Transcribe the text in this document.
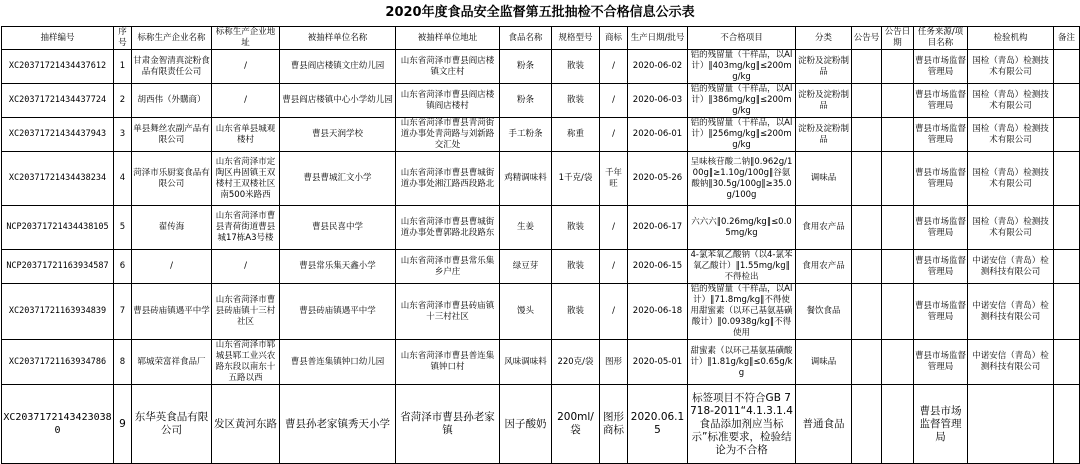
2020年度食品安全监督第五批抽检不合格信息公示表
抽样编号	序号	标称生产企业名称	标称生产企业地址	被抽样单位名称	被抽样单位地址	食品名称	规格型号	商标	生产日期/批号	不合格项目	分类	公告号	公告日期	任务来源/项目名称	检验机构	备注
XC20371721434437612	1	甘肃金智清真淀粉食品有限责任公司	/	曹县阎店楼镇文庄幼儿园	山东省菏泽市曹县阎店楼镇文庄村	粉条	散装	/	2020-06-02	铝的残留量（干样品，以Al计）‖403mg/kg‖≤200mg/kg	淀粉及淀粉制品			曹县市场监督管理局	国检（青岛）检测技术有限公司	
XC20371721434437724	2	胡西伟（外購商）	/	曹县阎店楼镇中心小学幼儿园	山东省菏泽市曹县阎店楼镇阎店楼村	粉条	散装	/	2020-06-03	铝的残留量（干样品，以Al计）‖386mg/kg‖≤200mg/kg	淀粉及淀粉制品			曹县市场监督管理局	国检（青岛）检测技术有限公司	
XC20371721434437943	3	单县舞丝农副产品有限公司	山东省单县城观楼村	曹县天润学校	山东省菏泽市曹县青菏街道办事处青菏路与刘新路交汇处	手工粉条	称重	/	2020-06-01	铝的残留量（干样品，以Al计）‖256mg/kg‖≤200mg/kg	淀粉及淀粉制品			曹县市场监督管理局	国检（青岛）检测技术有限公司	
XC20371721434438234	4	菏泽市乐厨宴食品有限公司	山东省菏泽市定陶区冉固镇王双楼村王双楼社区南500米路西	曹县曹城汇文小学	山东省菏泽市曹县曹城街道办事处湘江路西段路北	鸡精调味料	1千克/袋	千年旺	2020-05-26	呈味核苷酸二钠‖0.962g/100g‖≥1.10g/100g‖谷氨酸钠‖30.5g/100g‖≥35.0g/100g	调味品			曹县市场监督管理局	国检（青岛）检测技术有限公司	
NCP20371721434438105	5	翟传海	山东省菏泽市曹县青荷街道曹县城17栋A3号楼	曹县民喜中学	山东省菏泽市曹县曹城街道办事处曹郭路北段路东	生姜	散装	/	2020-06-17	六六六‖0.26mg/kg‖≤0.05mg/kg	食用农产品			曹县市场监督管理局	国检（青岛）检测技术有限公司	
NCP20371721163934587	6	/	/	曹县常乐集天鑫小学	山东省菏泽市曹县常乐集乡户庄	绿豆芽	散装	/	2020-06-15	4-氯苯氧乙酸钠（以4-氯苯氧乙酸计）‖1.55mg/kg‖不得检出	食用农产品			曹县市场监督管理局	中诺安信（青岛）检测科技有限公司	
XC20371721163934839	7	曹县砖庙镇遇平中学	山东省菏泽市曹县砖庙镇十三村社区	曹县砖庙镇遇平中学	山东省菏泽市曹县砖庙镇十三村社区	馒头	散装	/	2020-06-18	铝的残留量（干样品，以Al计）‖71.8mg/kg‖不得使用甜蜜素（以环己基氨基磺酸计）‖0.0938g/kg‖不得使用	餐饮食品			曹县市场监督管理局	中诺安信（青岛）检测科技有限公司	
XC20371721163934786	8	郓城荣富祥食品厂	山东省菏泽市郓城县郓工业兴农路东段以南东十五路以西	曹县普连集镇钟口幼儿园	山东省菏泽市曹县普连集镇钟口村	风味调味料	220克/袋	图形	2020-05-01	甜蜜素（以环己基氨基磺酸计）‖1.81g/kg‖≤0.65g/kg	调味品			曹县市场监督管理局	中诺安信（青岛）检测科技有限公司	
XC20371721434230380	9	东华英食品有限公司	发区黄河东路	曹县孙老家镇秀天小学	省菏泽市曹县孙老家镇	因子酸奶	200ml/袋	图形商标	2020.06.15	标签项目不符合GB 7718-2011“4.1.3.1.4 食品添加剂应当标示”标准要求，检验结论为不合格	普通食品			曹县市场监督管理局		
